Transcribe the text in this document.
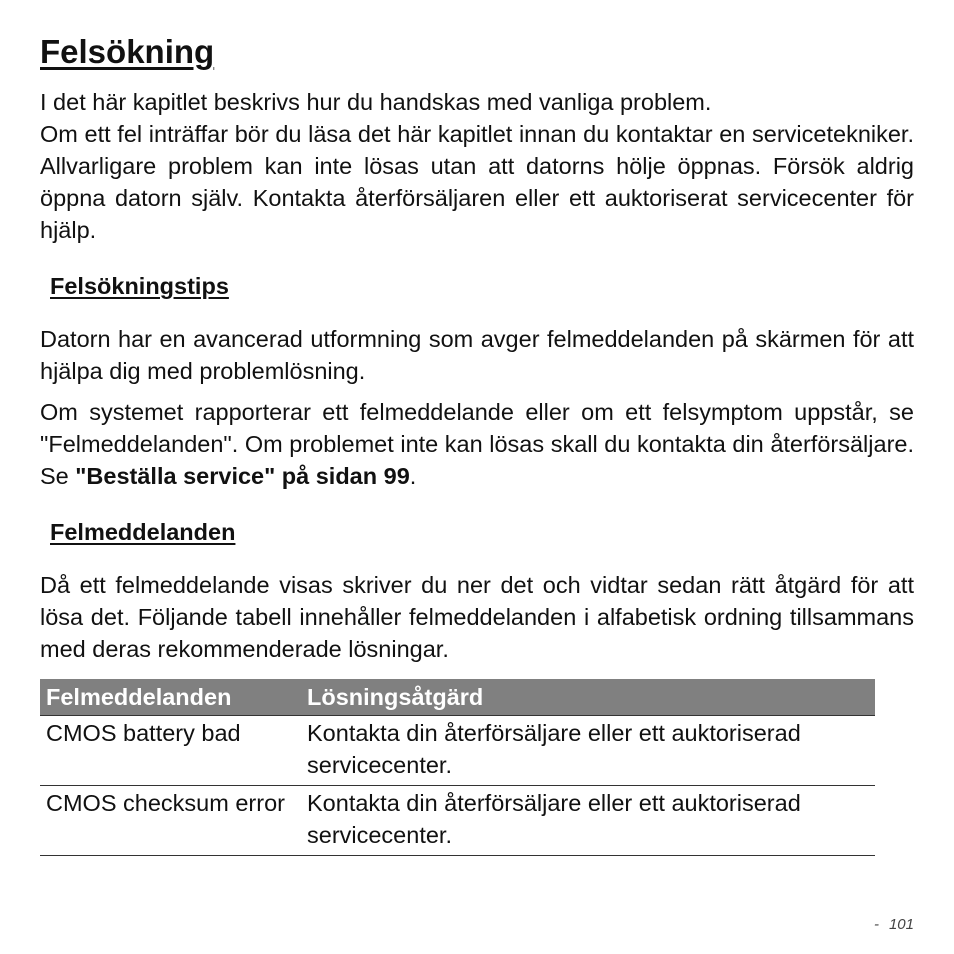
Felsökning

I det här kapitlet beskrivs hur du handskas med vanliga problem.

Om ett fel inträffar bör du läsa det här kapitlet innan du kontaktar en servicetekniker. Allvarligare problem kan inte lösas utan att datorns hölje öppnas. Försök aldrig öppna datorn själv. Kontakta återförsäljaren eller ett auktoriserat servicecenter för hjälp.

Felsökningstips

Datorn har en avancerad utformning som avger felmeddelanden på skärmen för att hjälpa dig med problemlösning.

Om systemet rapporterar ett felmeddelande eller om ett felsymptom uppstår, se "Felmeddelanden". Om problemet inte kan lösas skall du kontakta din återförsäljare. Se "Beställa service" på sidan 99.

Felmeddelanden

Då ett felmeddelande visas skriver du ner det och vidtar sedan rätt åtgärd för att lösa det. Följande tabell innehåller felmeddelanden i alfabetisk ordning tillsammans med deras rekommenderade lösningar.

Felmeddelanden	Lösningsåtgärd
CMOS battery bad	Kontakta din återförsäljare eller ett auktoriserad servicecenter.
CMOS checksum error	Kontakta din återförsäljare eller ett auktoriserad servicecenter.
- 101
